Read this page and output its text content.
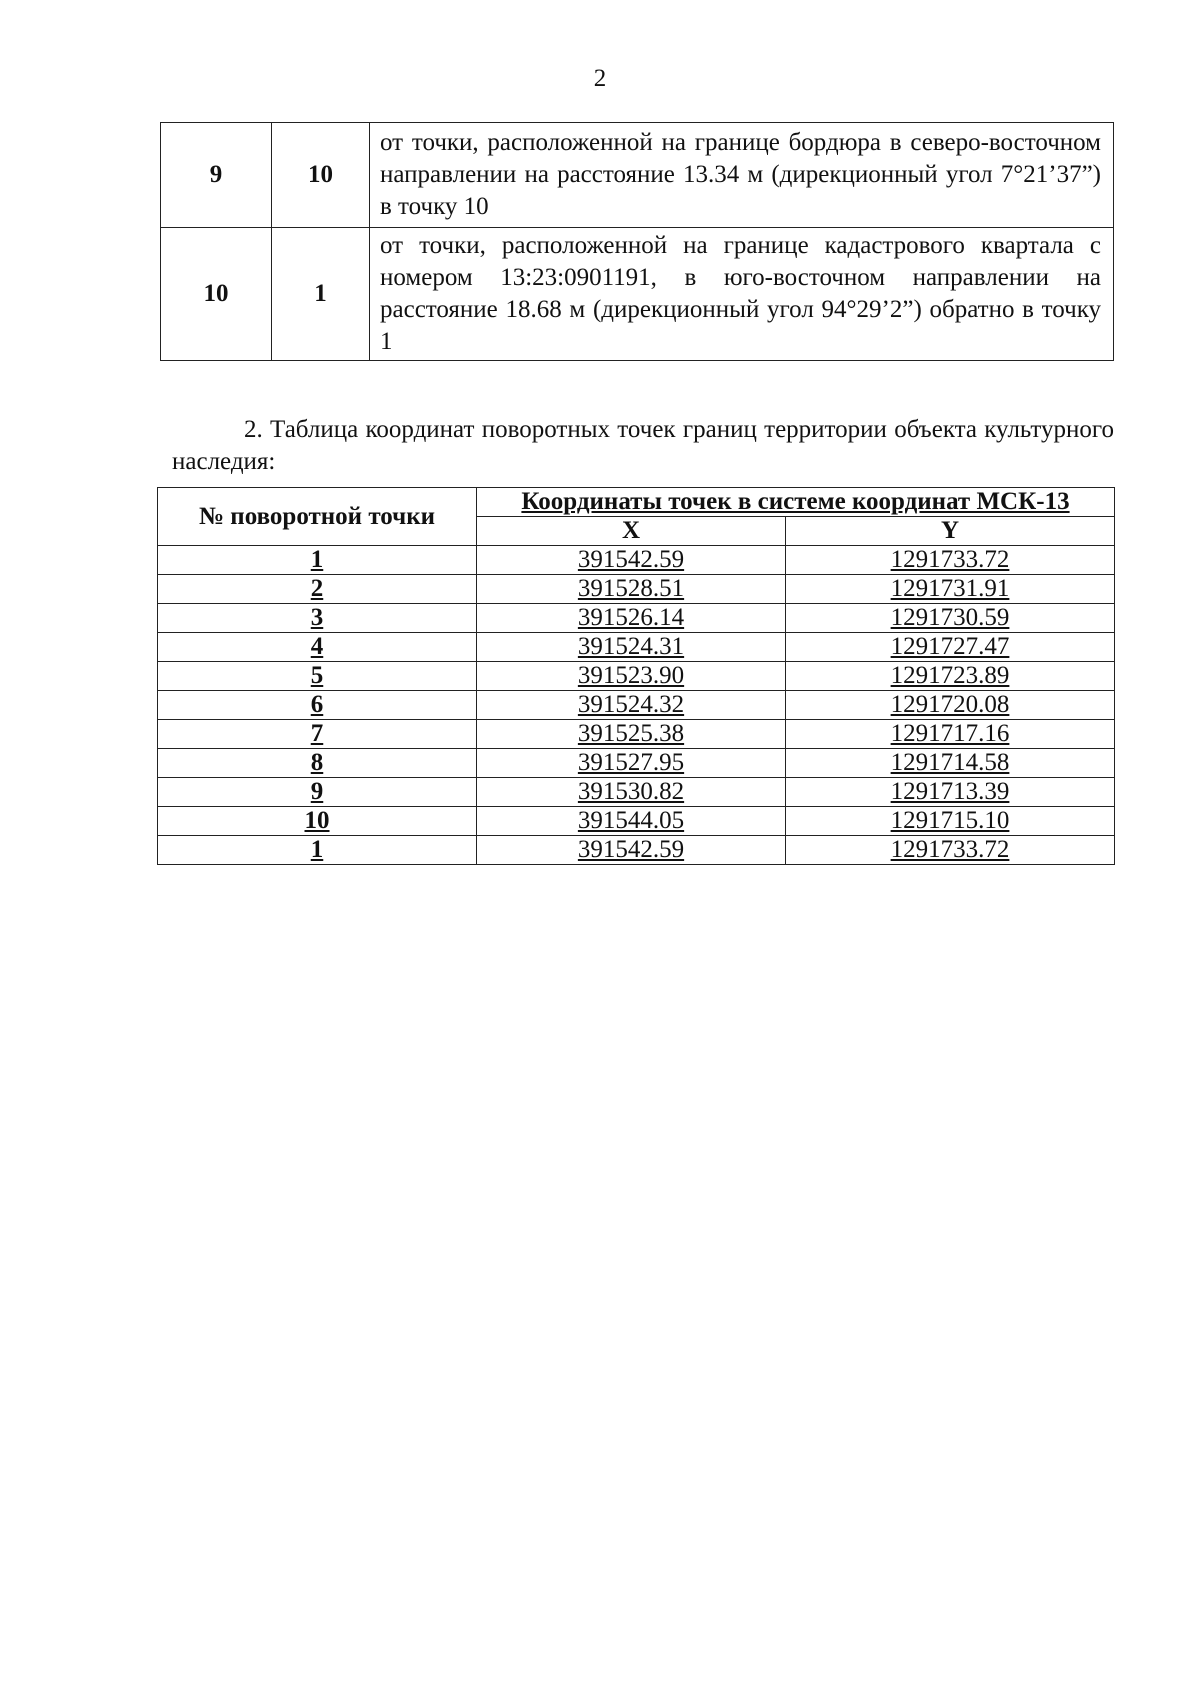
2
9	10	от точки, расположенной на границе бордюра в северо-восточном направлении на расстояние 13.34 м (дирекционный угол 7°21’37”) в точку 10
10	1	от точки, расположенной на границе кадастрового квартала с номером 13:23:0901191, в юго-восточном направлении на расстояние 18.68 м (дирекционный угол 94°29’2”) обратно в точку 1

2. Таблица координат поворотных точек границ территории объекта культурного наследия:

№ поворотной точки	Координаты точек в системе координат МСК-13	
	X	Y
1	391542.59	1291733.72
2	391528.51	1291731.91
3	391526.14	1291730.59
4	391524.31	1291727.47
5	391523.90	1291723.89
6	391524.32	1291720.08
7	391525.38	1291717.16
8	391527.95	1291714.58
9	391530.82	1291713.39
10	391544.05	1291715.10
1	391542.59	1291733.72
